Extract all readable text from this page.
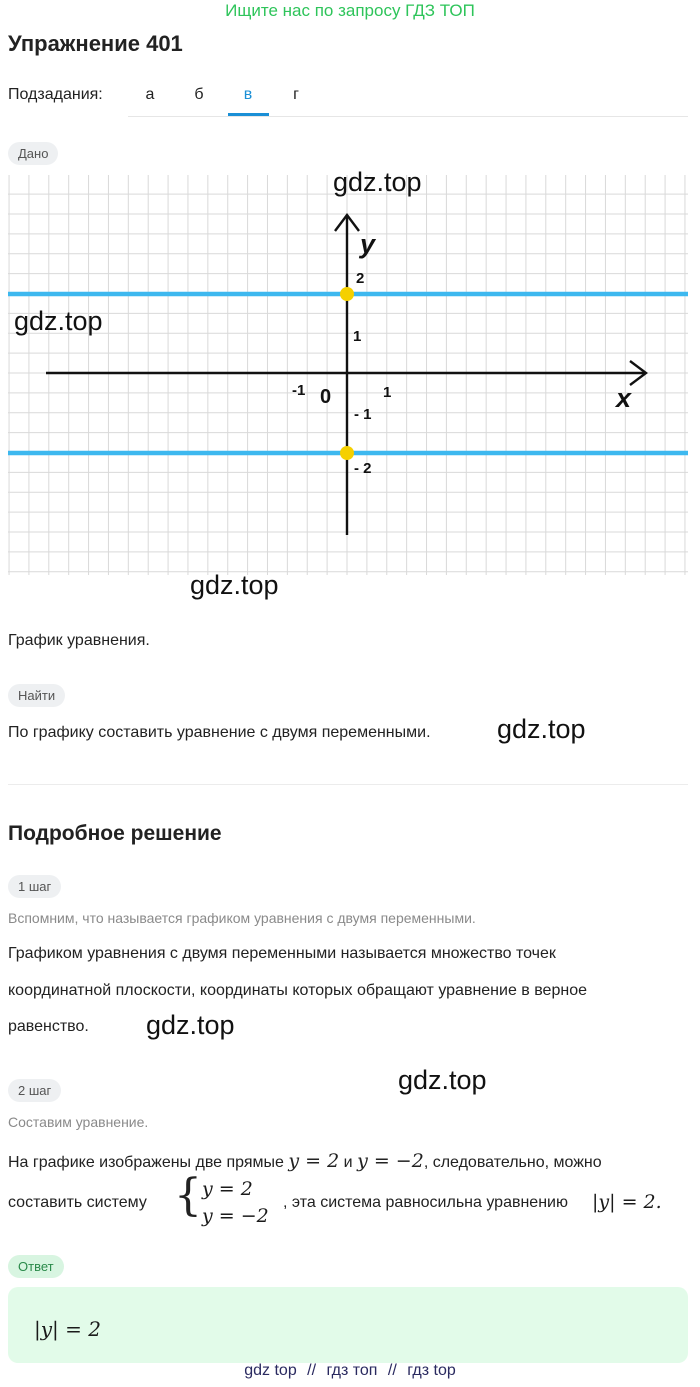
Ищите нас по запросу ГДЗ ТОП
Упражнение 401
Подзадания:	а	б	в	г
Дано
y
x
0
-1	1
2
1
- 1
- 2
gdz.top
gdz.top
gdz.top
График уравнения.
Найти
По графику составить уравнение с двумя переменными. gdz.top
Подробное решение
1 шаг
Вспомним, что называется графиком уравнения с двумя переменными.
Графиком уравнения с двумя переменными называется множество точек
координатной плоскости, координаты которых обращают уравнение в верное
равенство. gdz.top
2 шаг	gdz.top
Составим уравнение.
На графике изображены две прямые y = 2 и y = −2, следовательно, можно
составить систему { y = 2
y = −2
, эта система равносильна уравнению |y| = 2.
Ответ
|y| = 2
gdz top // гдз топ // гдз top
